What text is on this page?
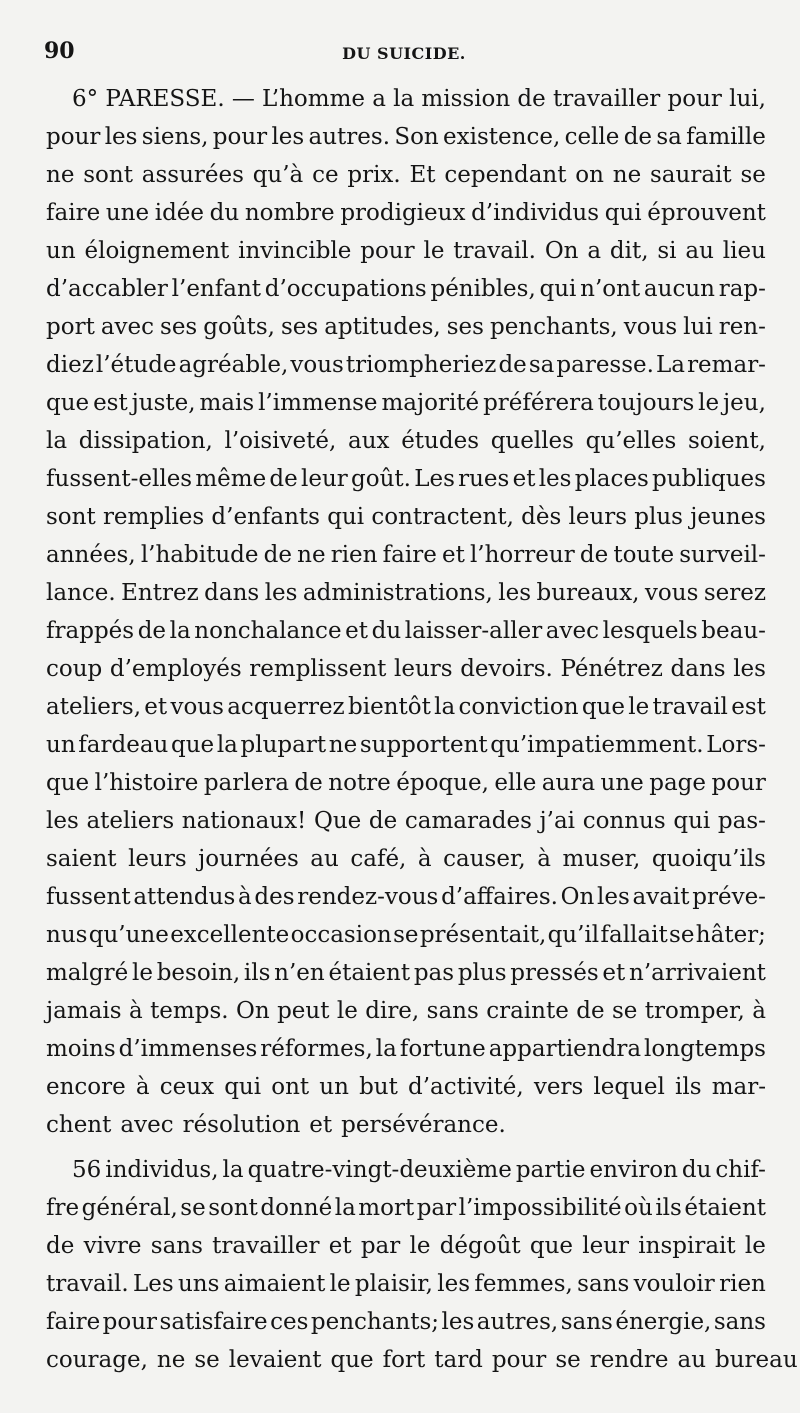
90	DU SUICIDE.
6° PARESSE. — L’homme a la mission de travailler pour lui,
pour les siens, pour les autres. Son existence, celle de sa famille
ne sont assurées qu’à ce prix. Et cependant on ne saurait se
faire une idée du nombre prodigieux d’individus qui éprouvent
un éloignement invincible pour le travail. On a dit, si au lieu
d’accabler l’enfant d’occupations pénibles, qui n’ont aucun rap-
port avec ses goûts, ses aptitudes, ses penchants, vous lui ren-
diez l’étude agréable, vous triompheriez de sa paresse. La remar-
que est juste, mais l’immense majorité préférera toujours le jeu,
la dissipation, l’oisiveté, aux études quelles qu’elles soient,
fussent-elles même de leur goût. Les rues et les places publiques
sont remplies d’enfants qui contractent, dès leurs plus jeunes
années, l’habitude de ne rien faire et l’horreur de toute surveil-
lance. Entrez dans les administrations, les bureaux, vous serez
frappés de la nonchalance et du laisser-aller avec lesquels beau-
coup d’employés remplissent leurs devoirs. Pénétrez dans les
ateliers, et vous acquerrez bientôt la conviction que le travail est
un fardeau que la plupart ne supportent qu’impatiemment. Lors-
que l’histoire parlera de notre époque, elle aura une page pour
les ateliers nationaux! Que de camarades j’ai connus qui pas-
saient leurs journées au café, à causer, à muser, quoiqu’ils
fussent attendus à des rendez-vous d’affaires. On les avait préve-
nus qu’une excellente occasion se présentait, qu’il fallait se hâter;
malgré le besoin, ils n’en étaient pas plus pressés et n’arrivaient
jamais à temps. On peut le dire, sans crainte de se tromper, à
moins d’immenses réformes, la fortune appartiendra longtemps
encore à ceux qui ont un but d’activité, vers lequel ils mar-
chent avec résolution et persévérance.
56 individus, la quatre-vingt-deuxième partie environ du chif-
fre général, se sont donné la mort par l’impossibilité où ils étaient
de vivre sans travailler et par le dégoût que leur inspirait le
travail. Les uns aimaient le plaisir, les femmes, sans vouloir rien
faire pour satisfaire ces penchants; les autres, sans énergie, sans
courage, ne se levaient que fort tard pour se rendre au bureau
